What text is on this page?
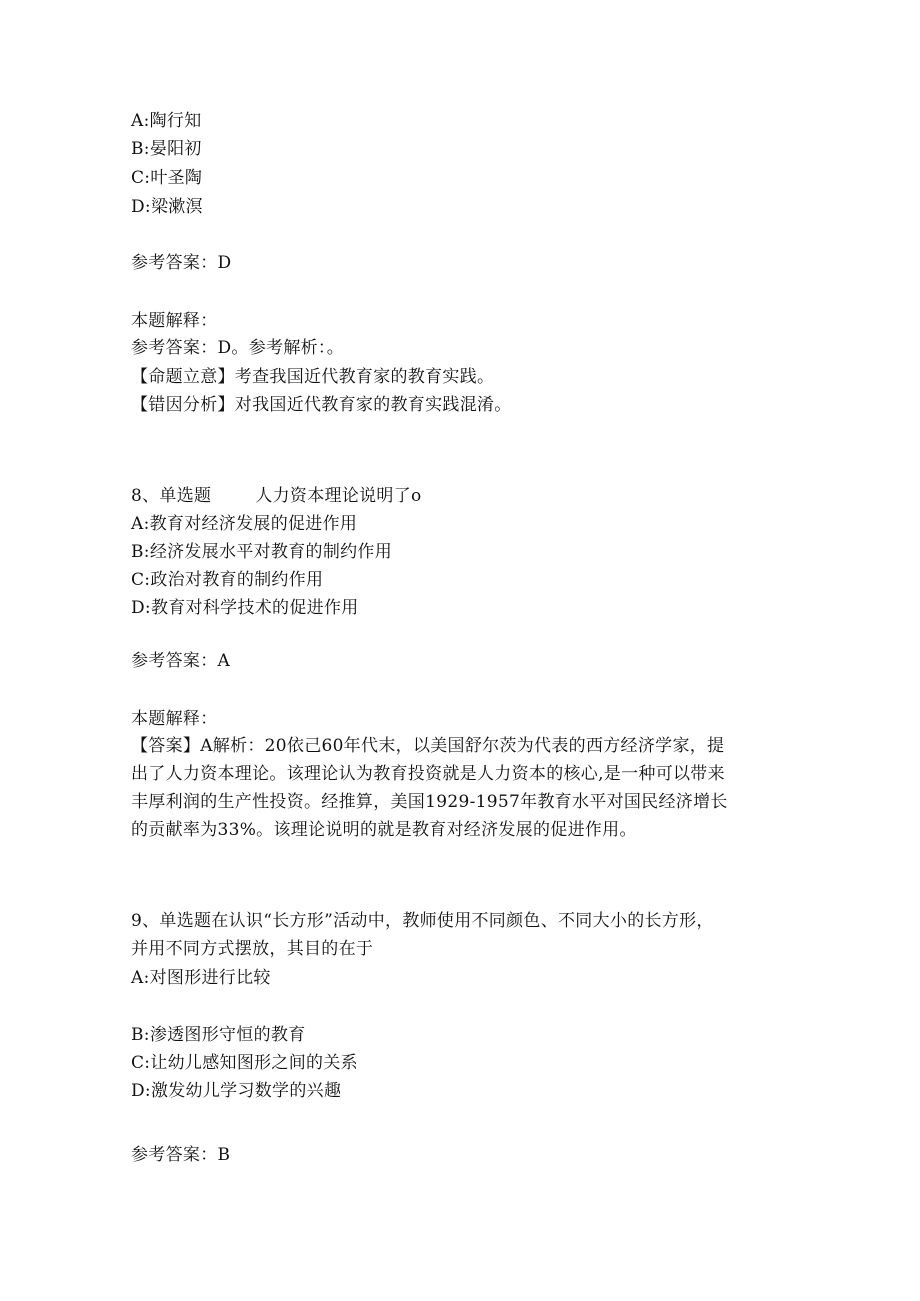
A:陶行知

B:晏阳初

C:叶圣陶

D:梁漱溟

参考答案：D

本题解释：

参考答案：D。参考解析：。

【命题立意】考查我国近代教育家的教育实践。

【错因分析】对我国近代教育家的教育实践混淆。

8、单选题	人力资本理论说明了o

A:教育对经济发展的促进作用

B:经济发展水平对教育的制约作用

C:政治对教育的制约作用

D:教育对科学技术的促进作用

参考答案：A

本题解释：

【答案】A解析：20依己60年代末，以美国舒尔茨为代表的西方经济学家，提

出了人力资本理论。该理论认为教育投资就是人力资本的核心,是一种可以带来

丰厚利润的生产性投资。经推算，美国1929-1957年教育水平对国民经济增长

的贡献率为33%。该理论说明的就是教育对经济发展的促进作用。

9、单选题在认识“长方形”活动中，教师使用不同颜色、不同大小的长方形，

并用不同方式摆放，其目的在于

A:对图形进行比较

B:渗透图形守恒的教育

C:让幼儿感知图形之间的关系

D:激发幼儿学习数学的兴趣

参考答案：B
